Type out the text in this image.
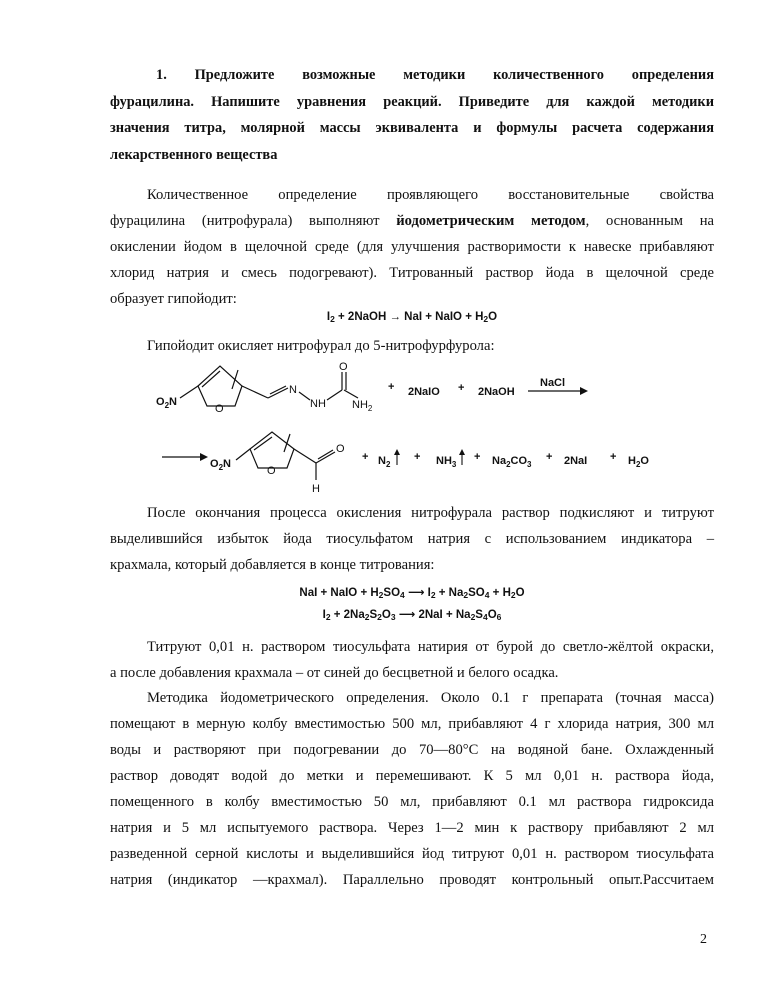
1. Предложите возможные методики количественного определения
фурацилина. Напишите уравнения реакций. Приведите для каждой методики
значения титра, молярной массы эквивалента и формулы расчета содержания
лекарственного вещества
Количественное определение проявляющего восстановительные свойства
фурацилина (нитрофурала) выполняют йодометрическим методом, основанным на
окислении йодом в щелочной среде (для улучшения растворимости к навеске прибавляют
хлорид натрия и смесь подогревают). Титрованный раствор йода в щелочной среде
образует гипойодит:
$I_2$ + 2NaOH → NaI + NaIO + $H_2O$
Гипойодит окисляет нитрофурал до 5-нитрофурфурола:
$O_2N$
O
N
NH
O
$NH_2$
+ 2NaIO + 2NaOH
NaCl
$O_2N$
O
O
H
+ $N_2$
+ $NH_3$
+ $Na_2CO_3$
+ $2NaI + H_2O$
После окончания процесса окисления нитрофурала раствор подкисляют и титруют
выделившийся избыток йода тиосульфатом натрия с использованием индикатора –
крахмала, который добавляется в конце титрования:
NaI + NaIO + $H_2SO_4$ ⟶ $I_2 + Na_2SO_4 + H_2O$
$I_2 + 2Na_2S_2O_3$ ⟶ $2NaI + Na_2S_4O_6$
Титруют 0,01 н. раствором тиосульфата натирия от бурой до светло-жёлтой окраски,
а после добавления крахмала – от синей до бесцветной и белого осадка.
Методика йодометрического определения. Около 0.1 г препарата (точная масса)
помещают в мерную колбу вместимостью 500 мл, прибавляют 4 г хлорида натрия, 300 мл
воды и растворяют при подогревании до 70—80°С на водяной бане. Охлажденный
раствор доводят водой до метки и перемешивают. К 5 мл 0,01 н. раствора йода,
помещенного в колбу вместимостью 50 мл, прибавляют 0.1 мл раствора гидроксида
натрия и 5 мл испытуемого раствора. Через 1—2 мин к раствору прибавляют 2 мл
разведенной серной кислоты и выделившийся йод титруют 0,01 н. раствором тиосульфата
натрия (индикатор —крахмал). Параллельно проводят контрольный опыт.Рассчитаем
2
